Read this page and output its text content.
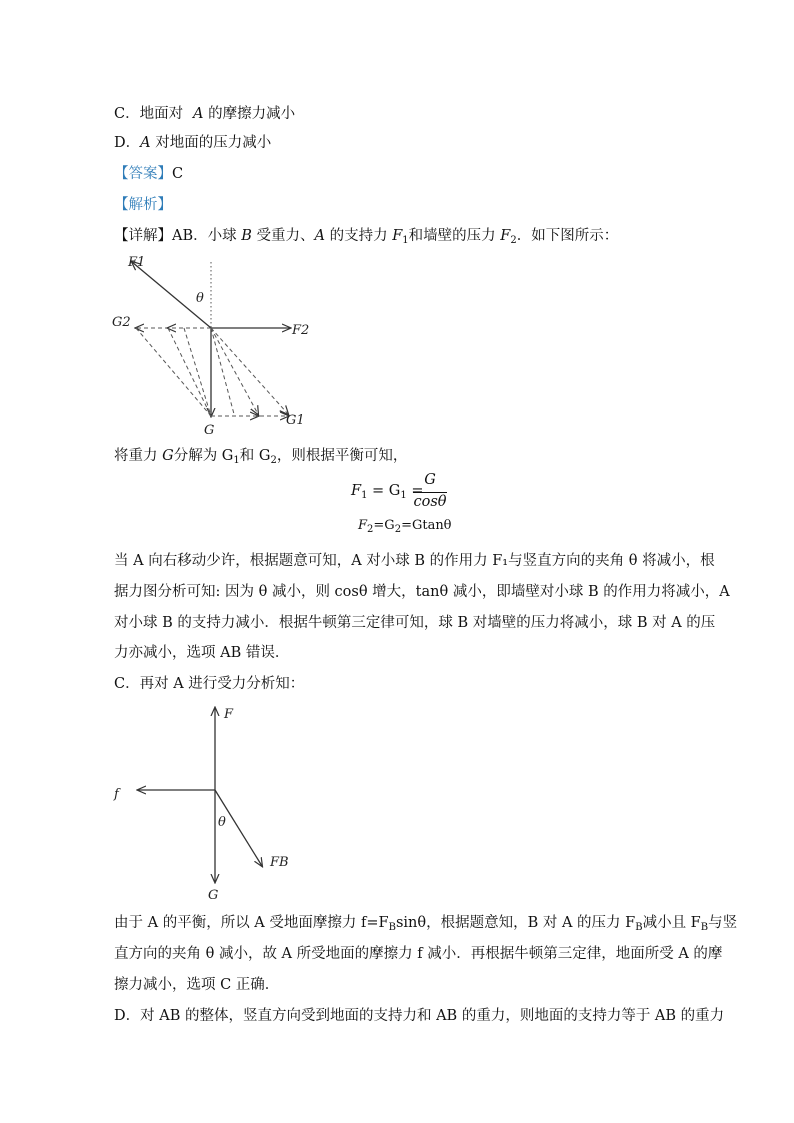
C．地面对 A 的摩擦力减小
D．A 对地面的压力减小
【答案】C
【解析】
【详解】AB．小球 B 受重力、A 的支持力 $F_1$和墙壁的压力 $F_2$．如下图所示：
F1
θ
G2
F2
G1
G
将重力 G分解为 $G_1$和 $G_2$，则根据平衡可知，
$F_1 = G_1$ =
G
cosθ
$F_2=G_2=Gtan\theta$
当 A 向右移动少许，根据题意可知，A 对小球 B 的作用力 F₁与竖直方向的夹角 θ 将减小，根
据力图分析可知: 因为 θ 减小，则 cosθ 增大，tanθ 减小，即墙壁对小球 B 的作用力将减小，A
对小球 B 的支持力减小．根据牛顿第三定律可知，球 B 对墙壁的压力将减小，球 B 对 A 的压
力亦减小，选项 AB 错误．
C．再对 A 进行受力分析知：
F
f
θ
FB
G
由于 A 的平衡，所以 A 受地面摩擦力 $f=F_B\sin\theta$，根据题意知，B 对 A 的压力 $F_B$减小且 $F_B$与竖
直方向的夹角 θ 减小，故 A 所受地面的摩擦力 f 减小．再根据牛顿第三定律，地面所受 A 的摩
擦力减小，选项 C 正确．
D．对 AB 的整体，竖直方向受到地面的支持力和 AB 的重力，则地面的支持力等于 AB 的重力
